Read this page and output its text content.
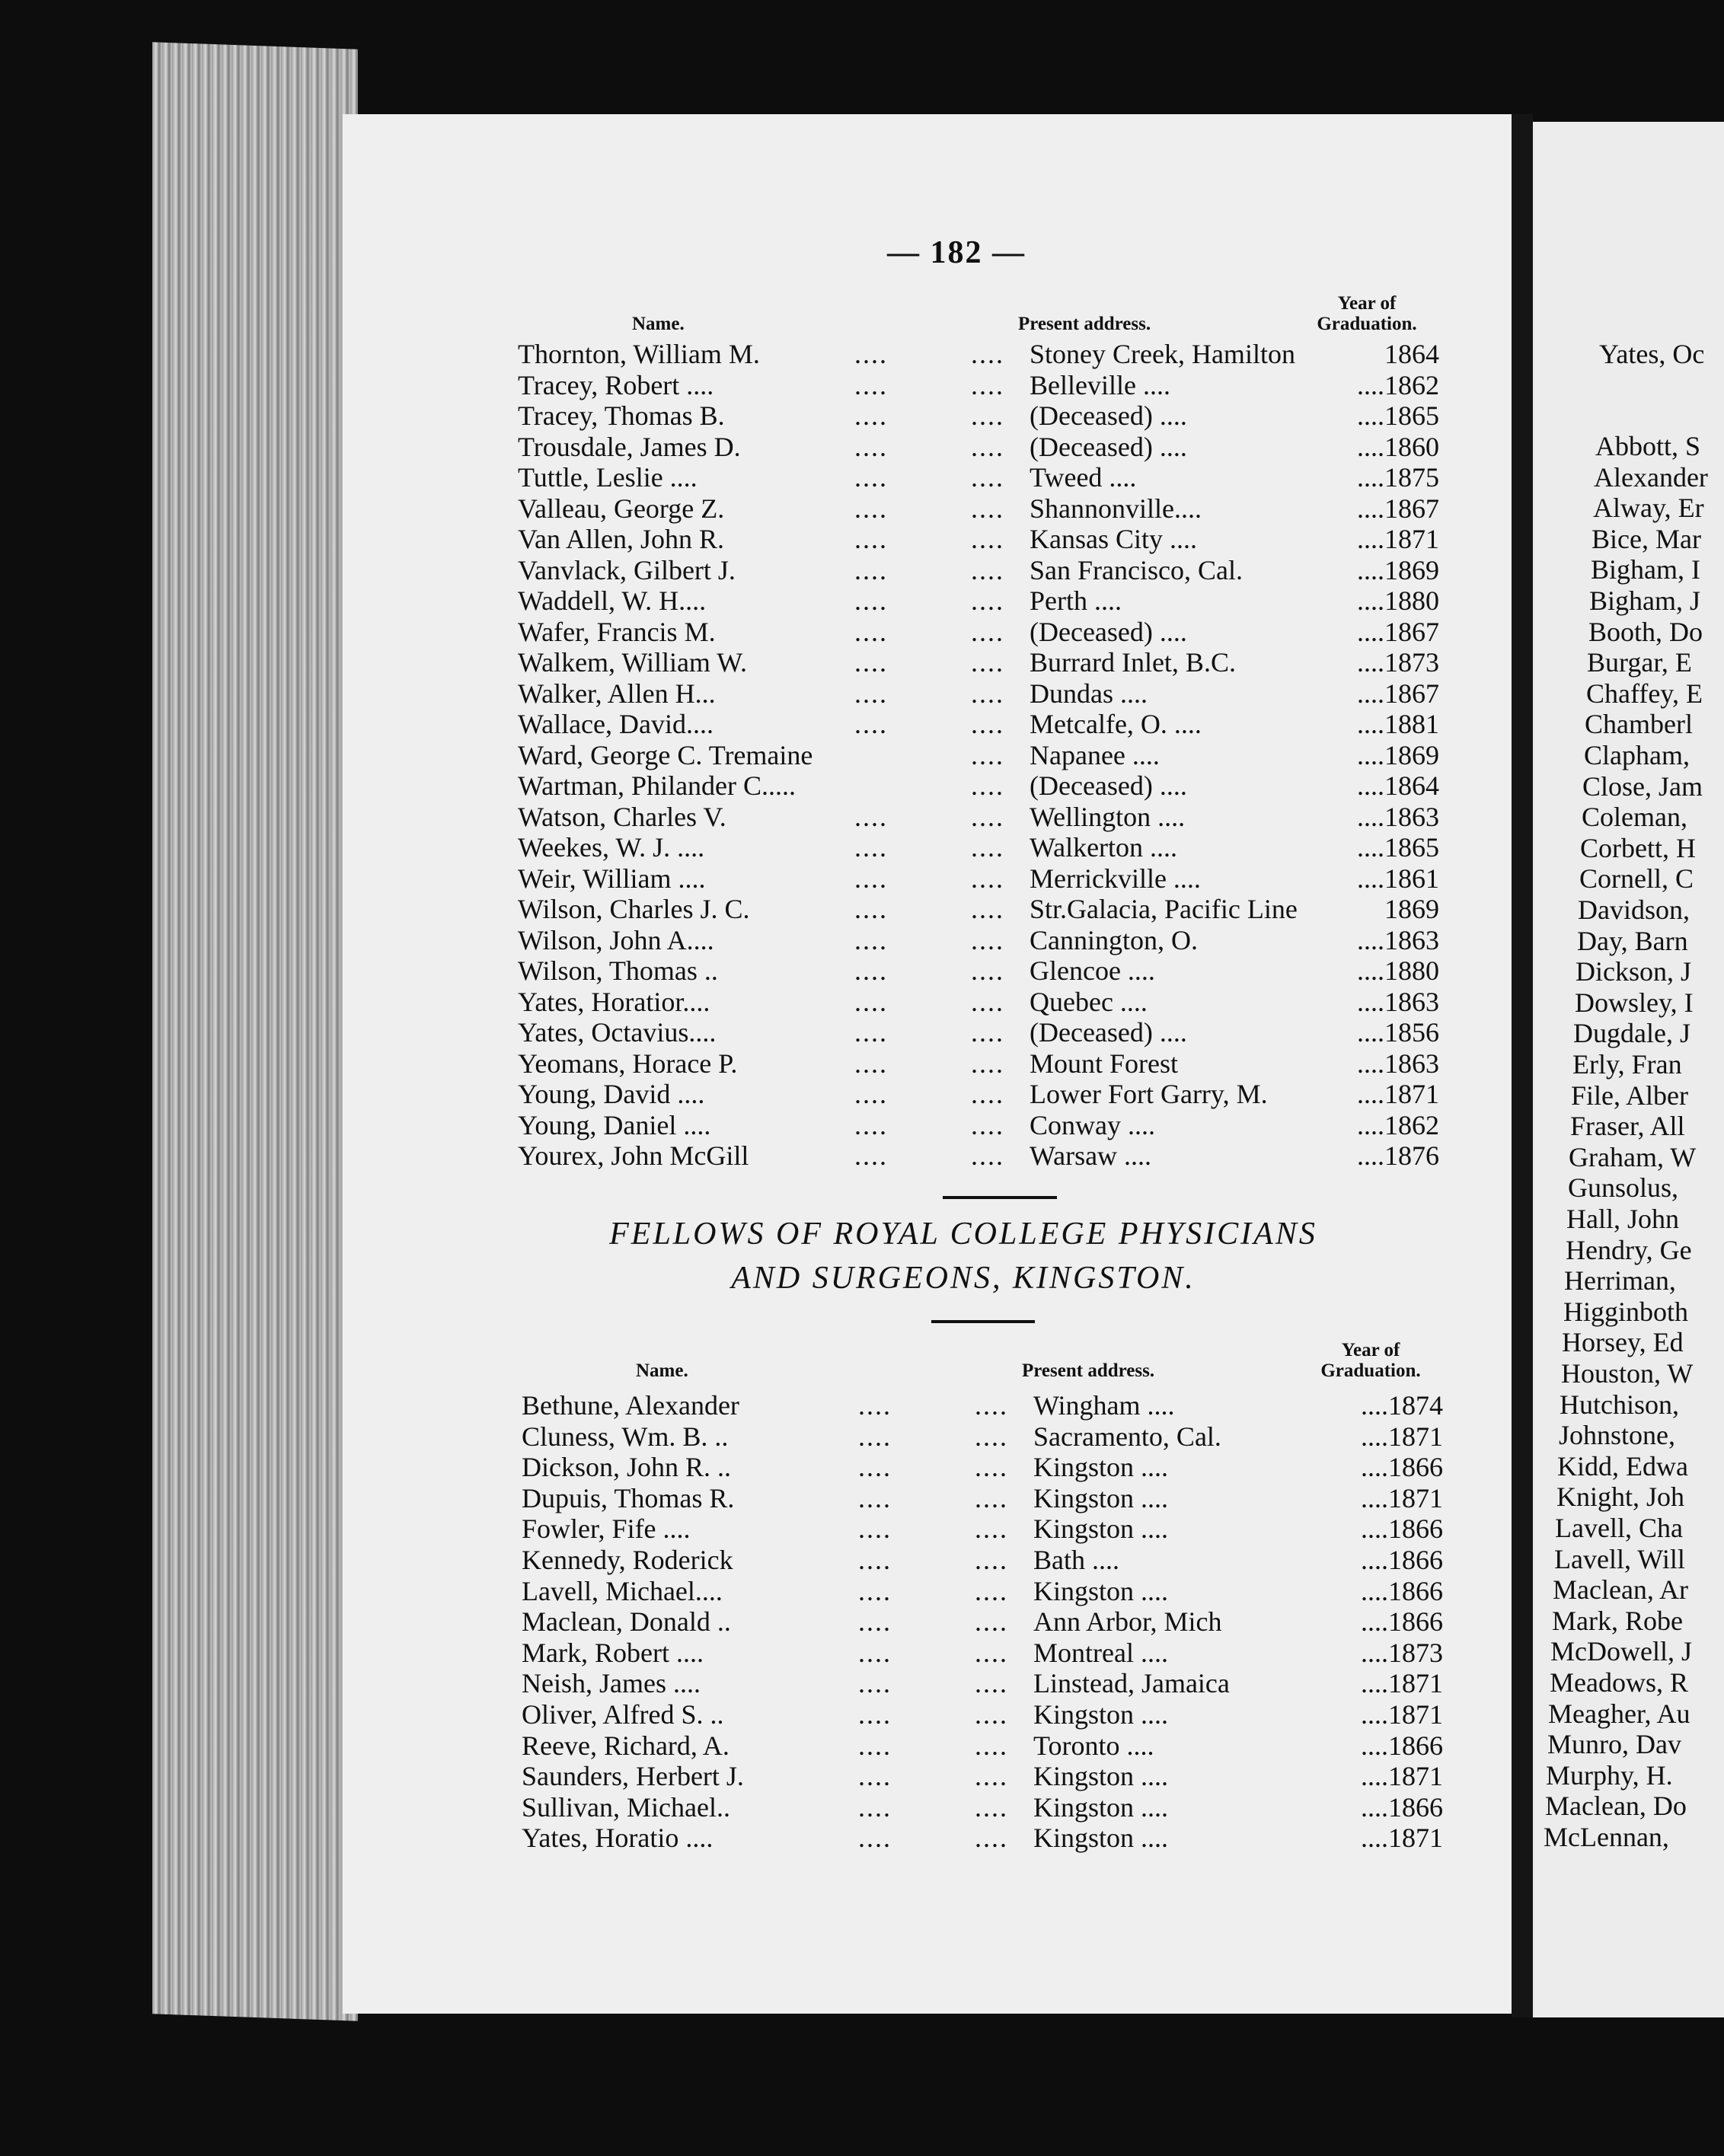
— 182 —
Name.	Present address.
Year of
Graduation.
Thornton, William M.	....	.... Stoney Creek, Hamilton	1864
Tracey, Robert ....	....	.... Belleville ....	....1862
Tracey, Thomas B.	....	.... (Deceased) ....	....1865
Trousdale, James D.	....	.... (Deceased) ....	....1860
Tuttle, Leslie ....	....	.... Tweed ....	....1875
Valleau, George Z.	....	.... Shannonville....	....1867
Van Allen, John R.	....	.... Kansas City ....	....1871
Vanvlack, Gilbert J.	....	.... San Francisco, Cal.	....1869
Waddell, W. H....	....	.... Perth ....	....1880
Wafer, Francis M.	....	.... (Deceased) ....	....1867
Walkem, William W.	....	.... Burrard Inlet, B.C.	....1873
Walker, Allen H...	....	.... Dundas ....	....1867
Wallace, David....	....	.... Metcalfe, O. ....	....1881
Ward, George C. Tremaine	.... Napanee ....	....1869
Wartman, Philander C.....	.... (Deceased) ....	....1864
Watson, Charles V.	....	.... Wellington ....	....1863
Weekes, W. J. ....	....	.... Walkerton ....	....1865
Weir, William ....	....	.... Merrickville ....	....1861
Wilson, Charles J. C.	....	.... Str.Galacia, Pacific Line	1869
Wilson, John A....	....	.... Cannington, O.	....1863
Wilson, Thomas ..	....	.... Glencoe ....	....1880
Yates, Horatior....	....	.... Quebec ....	....1863
Yates, Octavius....	....	.... (Deceased) ....	....1856
Yeomans, Horace P.	....	.... Mount Forest	....1863
Young, David ....	....	.... Lower Fort Garry, M.	....1871
Young, Daniel ....	....	.... Conway ....	....1862
Yourex, John McGill	....	.... Warsaw ....	....1876
FELLOWS OF ROYAL COLLEGE PHYSICIANS
AND SURGEONS, KINGSTON.
Name.	Present address.
Year of
Graduation.
Bethune, Alexander	....	.... Wingham ....	....1874
Cluness, Wm. B. ..	....	.... Sacramento, Cal.	....1871
Dickson, John R. ..	....	.... Kingston ....	....1866
Dupuis, Thomas R.	....	.... Kingston ....	....1871
Fowler, Fife ....	....	.... Kingston ....	....1866
Kennedy, Roderick	....	.... Bath ....	....1866
Lavell, Michael....	....	.... Kingston ....	....1866
Maclean, Donald ..	....	.... Ann Arbor, Mich	....1866
Mark, Robert ....	....	.... Montreal ....	....1873
Neish, James ....	....	.... Linstead, Jamaica	....1871
Oliver, Alfred S. ..	....	.... Kingston ....	....1871
Reeve, Richard, A.	....	.... Toronto ....	....1866
Saunders, Herbert J.	....	.... Kingston ....	....1871
Sullivan, Michael..	....	.... Kingston ....	....1866
Yates, Horatio ....	....	.... Kingston ....	....1871
Yates, Oc
Abbott, S
Alexander
Alway, Er
Bice, Mar
Bigham, I
Bigham, J
Booth, Do
Burgar, E
Chaffey, E
Chamberl
Clapham,
Close, Jam
Coleman,
Corbett, H
Cornell, C
Davidson,
Day, Barn
Dickson, J
Dowsley, I
Dugdale, J
Erly, Fran
File, Alber
Fraser, All
Graham, W
Gunsolus,
Hall, John
Hendry, Ge
Herriman,
Higginboth
Horsey, Ed
Houston, W
Hutchison,
Johnstone,
Kidd, Edwa
Knight, Joh
Lavell, Cha
Lavell, Will
Maclean, Ar
Mark, Robe
McDowell, J
Meadows, R
Meagher, Au
Munro, Dav
Murphy, H.
Maclean, Do
McLennan,
